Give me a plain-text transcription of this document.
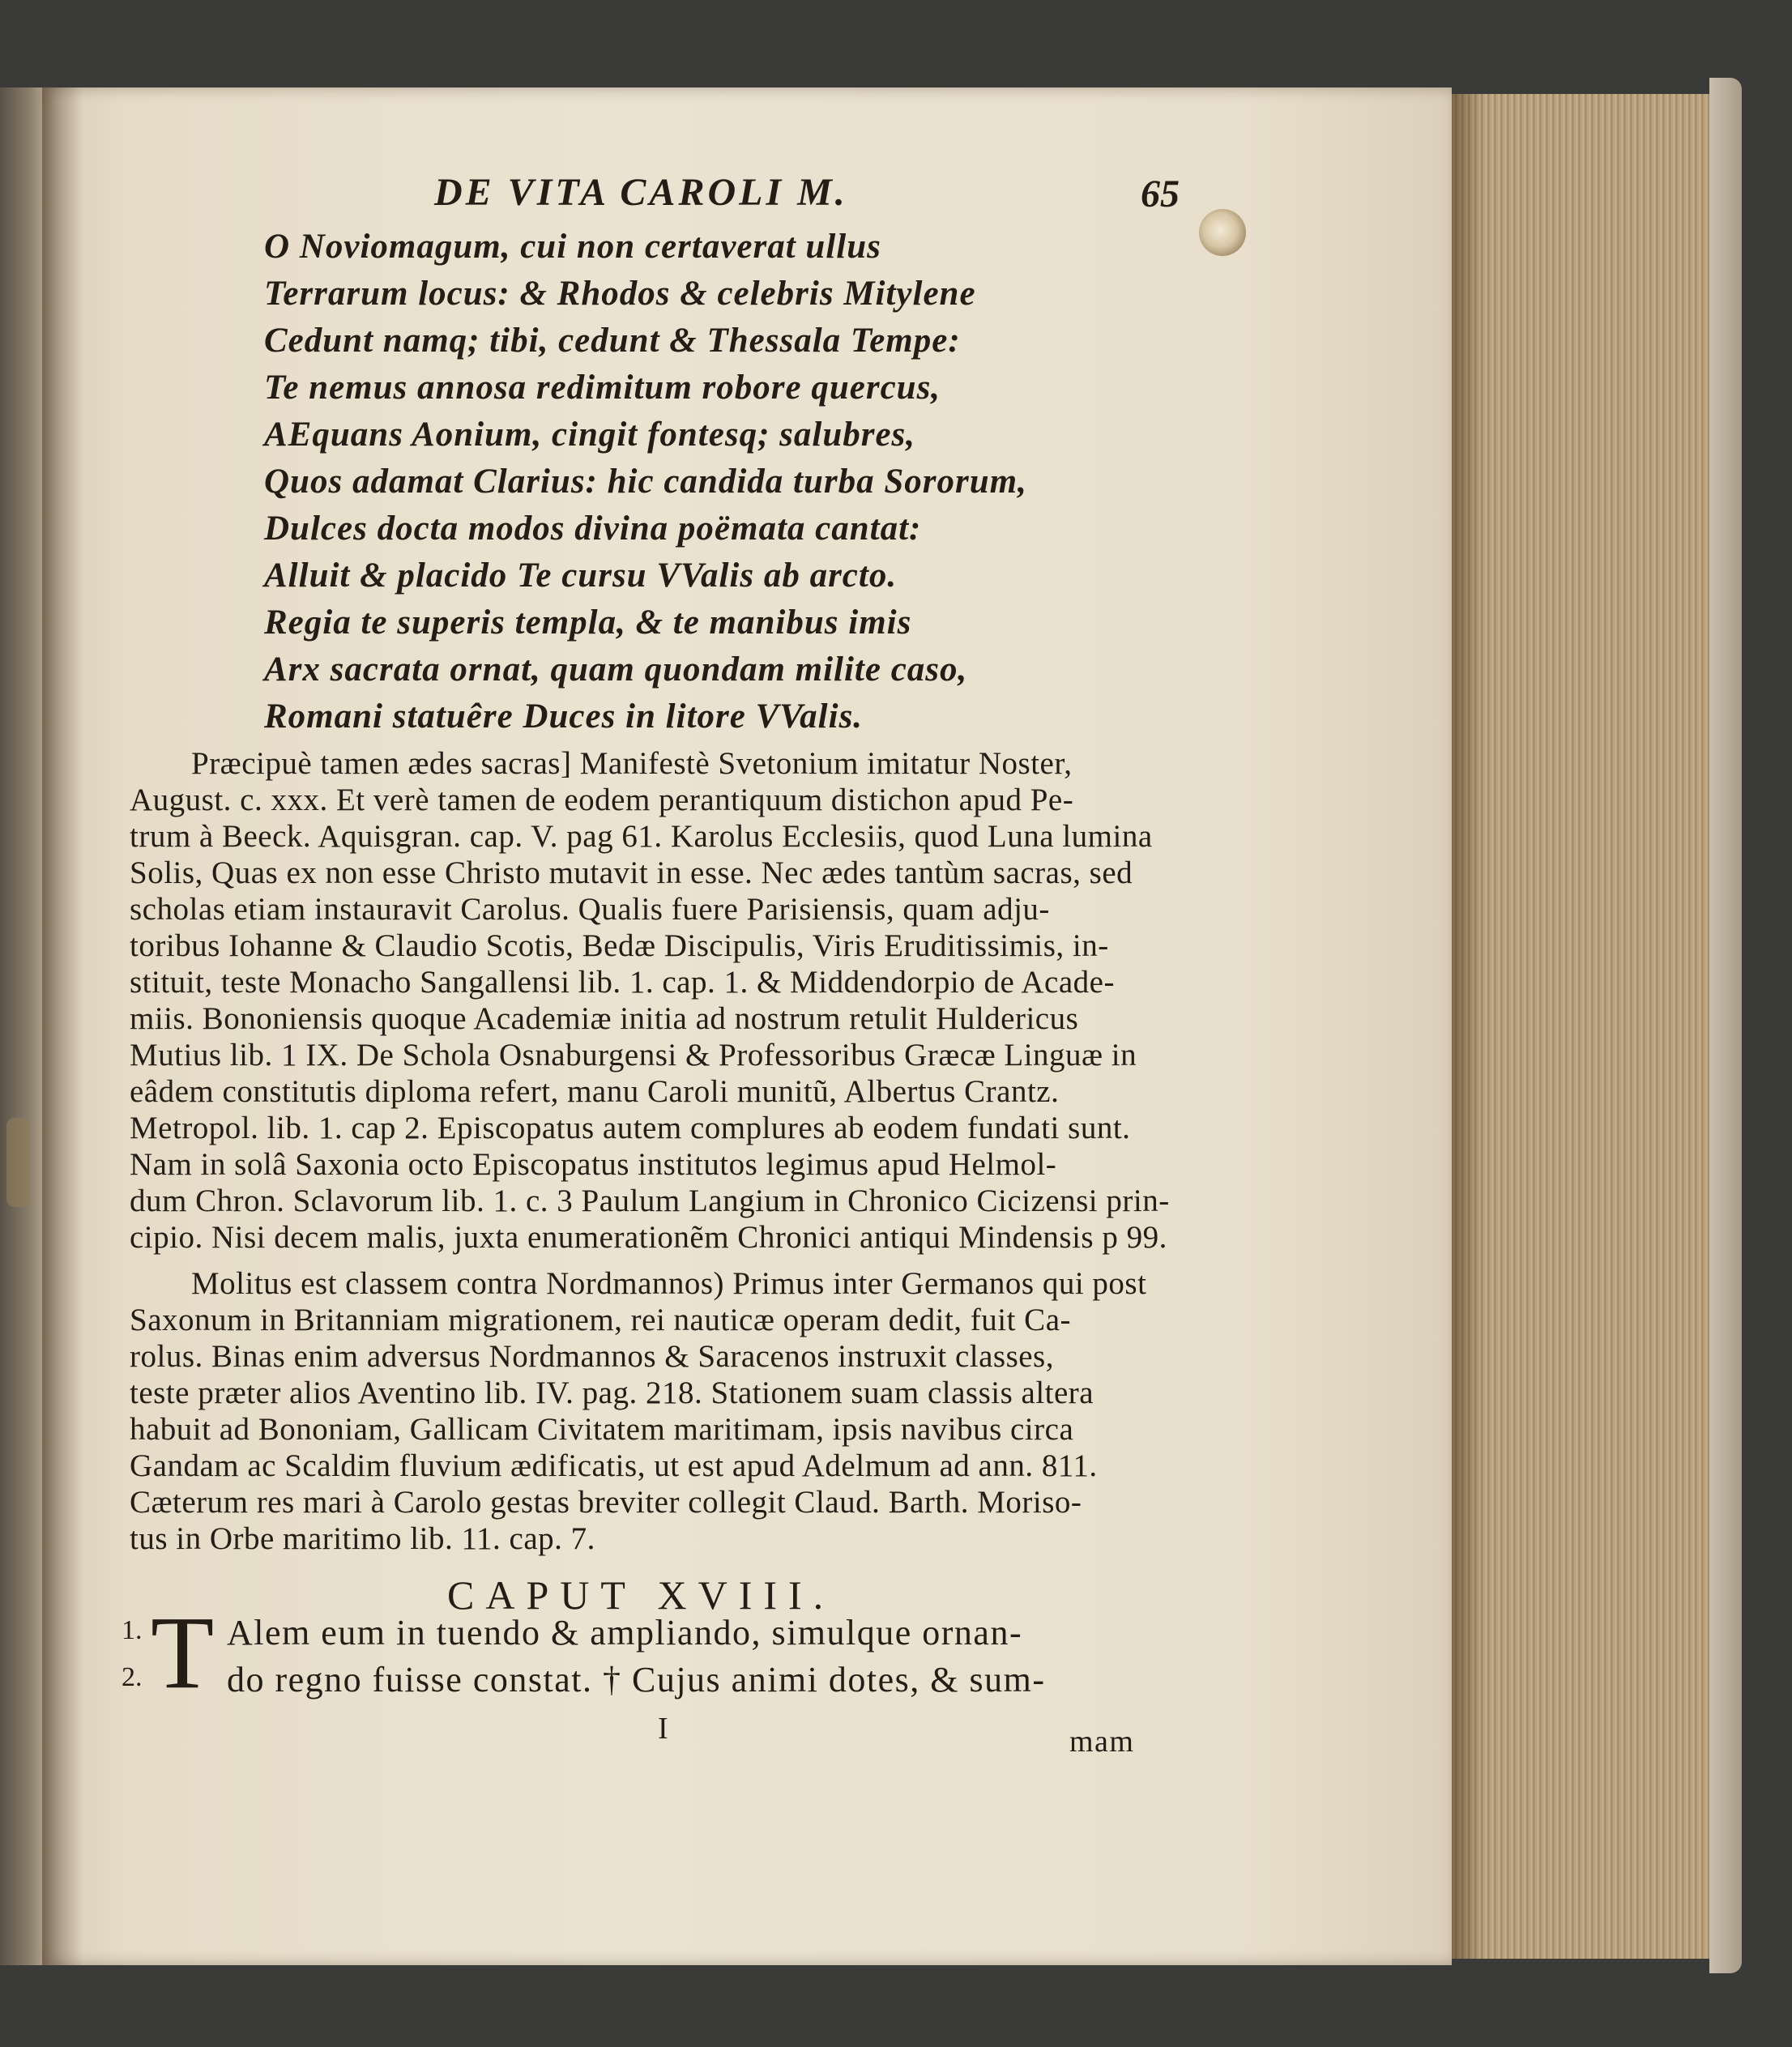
DE VITA CAROLI M.	65
O Noviomagum, cui non certaverat ullus
Terrarum locus: & Rhodos & celebris Mitylene
Cedunt namq; tibi, cedunt & Thessala Tempe:
Te nemus annosa redimitum robore quercus,
AEquans Aonium, cingit fontesq; salubres,
Quos adamat Clarius: hic candida turba Sororum,
Dulces docta modos divina poëmata cantat:
Alluit & placido Te cursu VValis ab arcto.
Regia te superis templa, & te manibus imis
Arx sacrata ornat, quam quondam milite caso,
Romani statuêre Duces in litore VValis.
Præcipuè tamen ædes sacras] Manifestè Svetonium imitatur Noster,
August. c. xxx. Et verè tamen de eodem perantiquum distichon apud Pe-
trum à Beeck. Aquisgran. cap. V. pag 61. Karolus Ecclesiis, quod Luna lumina
Solis, Quas ex non esse Christo mutavit in esse. Nec ædes tantùm sacras, sed
scholas etiam instauravit Carolus. Qualis fuere Parisiensis, quam adju-
toribus Iohanne & Claudio Scotis, Bedæ Discipulis, Viris Eruditissimis, in-
stituit, teste Monacho Sangallensi lib. 1. cap. 1. & Middendorpio de Acade-
miis. Bononiensis quoque Academiæ initia ad nostrum retulit Huldericus
Mutius lib. 1 IX. De Schola Osnaburgensi & Professoribus Græcæ Linguæ in
eâdem constitutis diploma refert, manu Caroli munitũ, Albertus Crantz.
Metropol. lib. 1. cap 2. Episcopatus autem complures ab eodem fundati sunt.
Nam in solâ Saxonia octo Episcopatus institutos legimus apud Helmol-
dum Chron. Sclavorum lib. 1. c. 3 Paulum Langium in Chronico Cicizensi prin-
cipio. Nisi decem malis, juxta enumerationẽm Chronici antiqui Mindensis p 99.
Molitus est classem contra Nordmannos) Primus inter Germanos qui post
Saxonum in Britanniam migrationem, rei nauticæ operam dedit, fuit Ca-
rolus. Binas enim adversus Nordmannos & Saracenos instruxit classes,
teste præter alios Aventino lib. IV. pag. 218. Stationem suam classis altera
habuit ad Bononiam, Gallicam Civitatem maritimam, ipsis navibus circa
Gandam ac Scaldim fluvium ædificatis, ut est apud Adelmum ad ann. 811.
Cæterum res mari à Carolo gestas breviter collegit Claud. Barth. Moriso-
tus in Orbe maritimo lib. 11. cap. 7.
CAPUT XVIII.
1.
2. T Alem eum in tuendo & ampliando, simulque ornan-
do regno fuisse constat. † Cujus animi dotes, & sum-
I	mam
